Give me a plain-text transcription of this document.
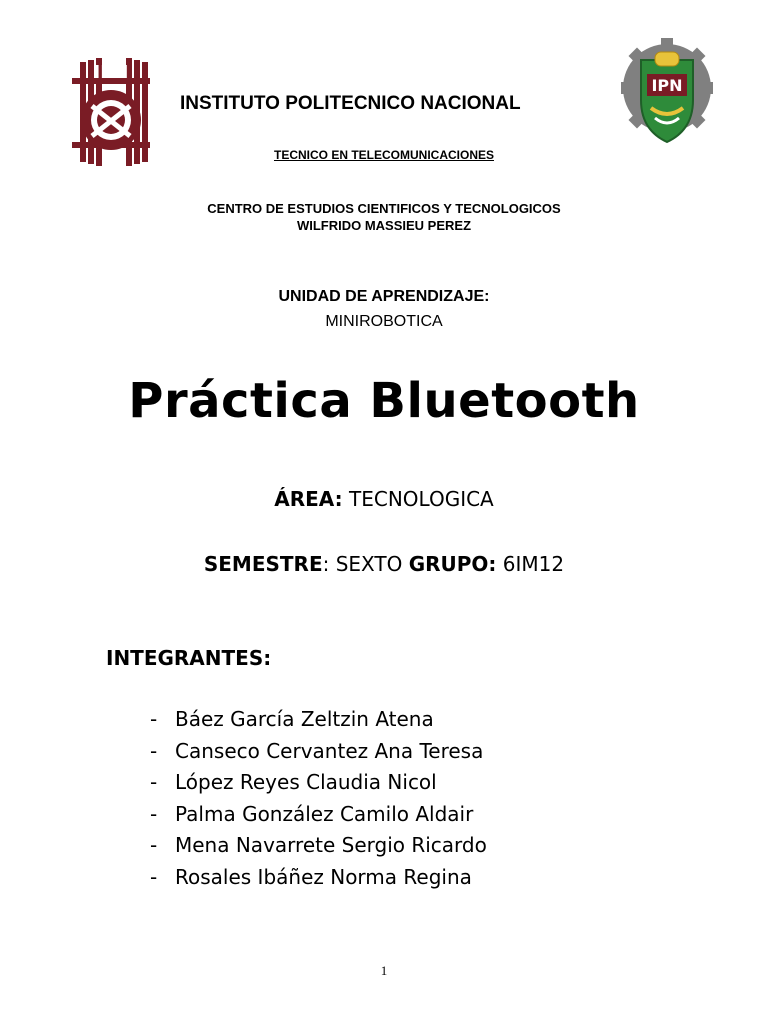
IPN
IPN
INSTITUTO POLITECNICO NACIONAL
TECNICO EN TELECOMUNICACIONES
CENTRO DE ESTUDIOS CIENTIFICOS Y TECNOLOGICOS
WILFRIDO MASSIEU PEREZ
UNIDAD DE APRENDIZAJE:
MINIROBOTICA
Práctica Bluetooth
ÁREA: TECNOLOGICA
SEMESTRE: SEXTO GRUPO: 6IM12
INTEGRANTES:
- Báez García Zeltzin Atena
- Canseco Cervantez Ana Teresa
- López Reyes Claudia Nicol
- Palma González Camilo Aldair
- Mena Navarrete Sergio Ricardo
- Rosales Ibáñez Norma Regina
1
